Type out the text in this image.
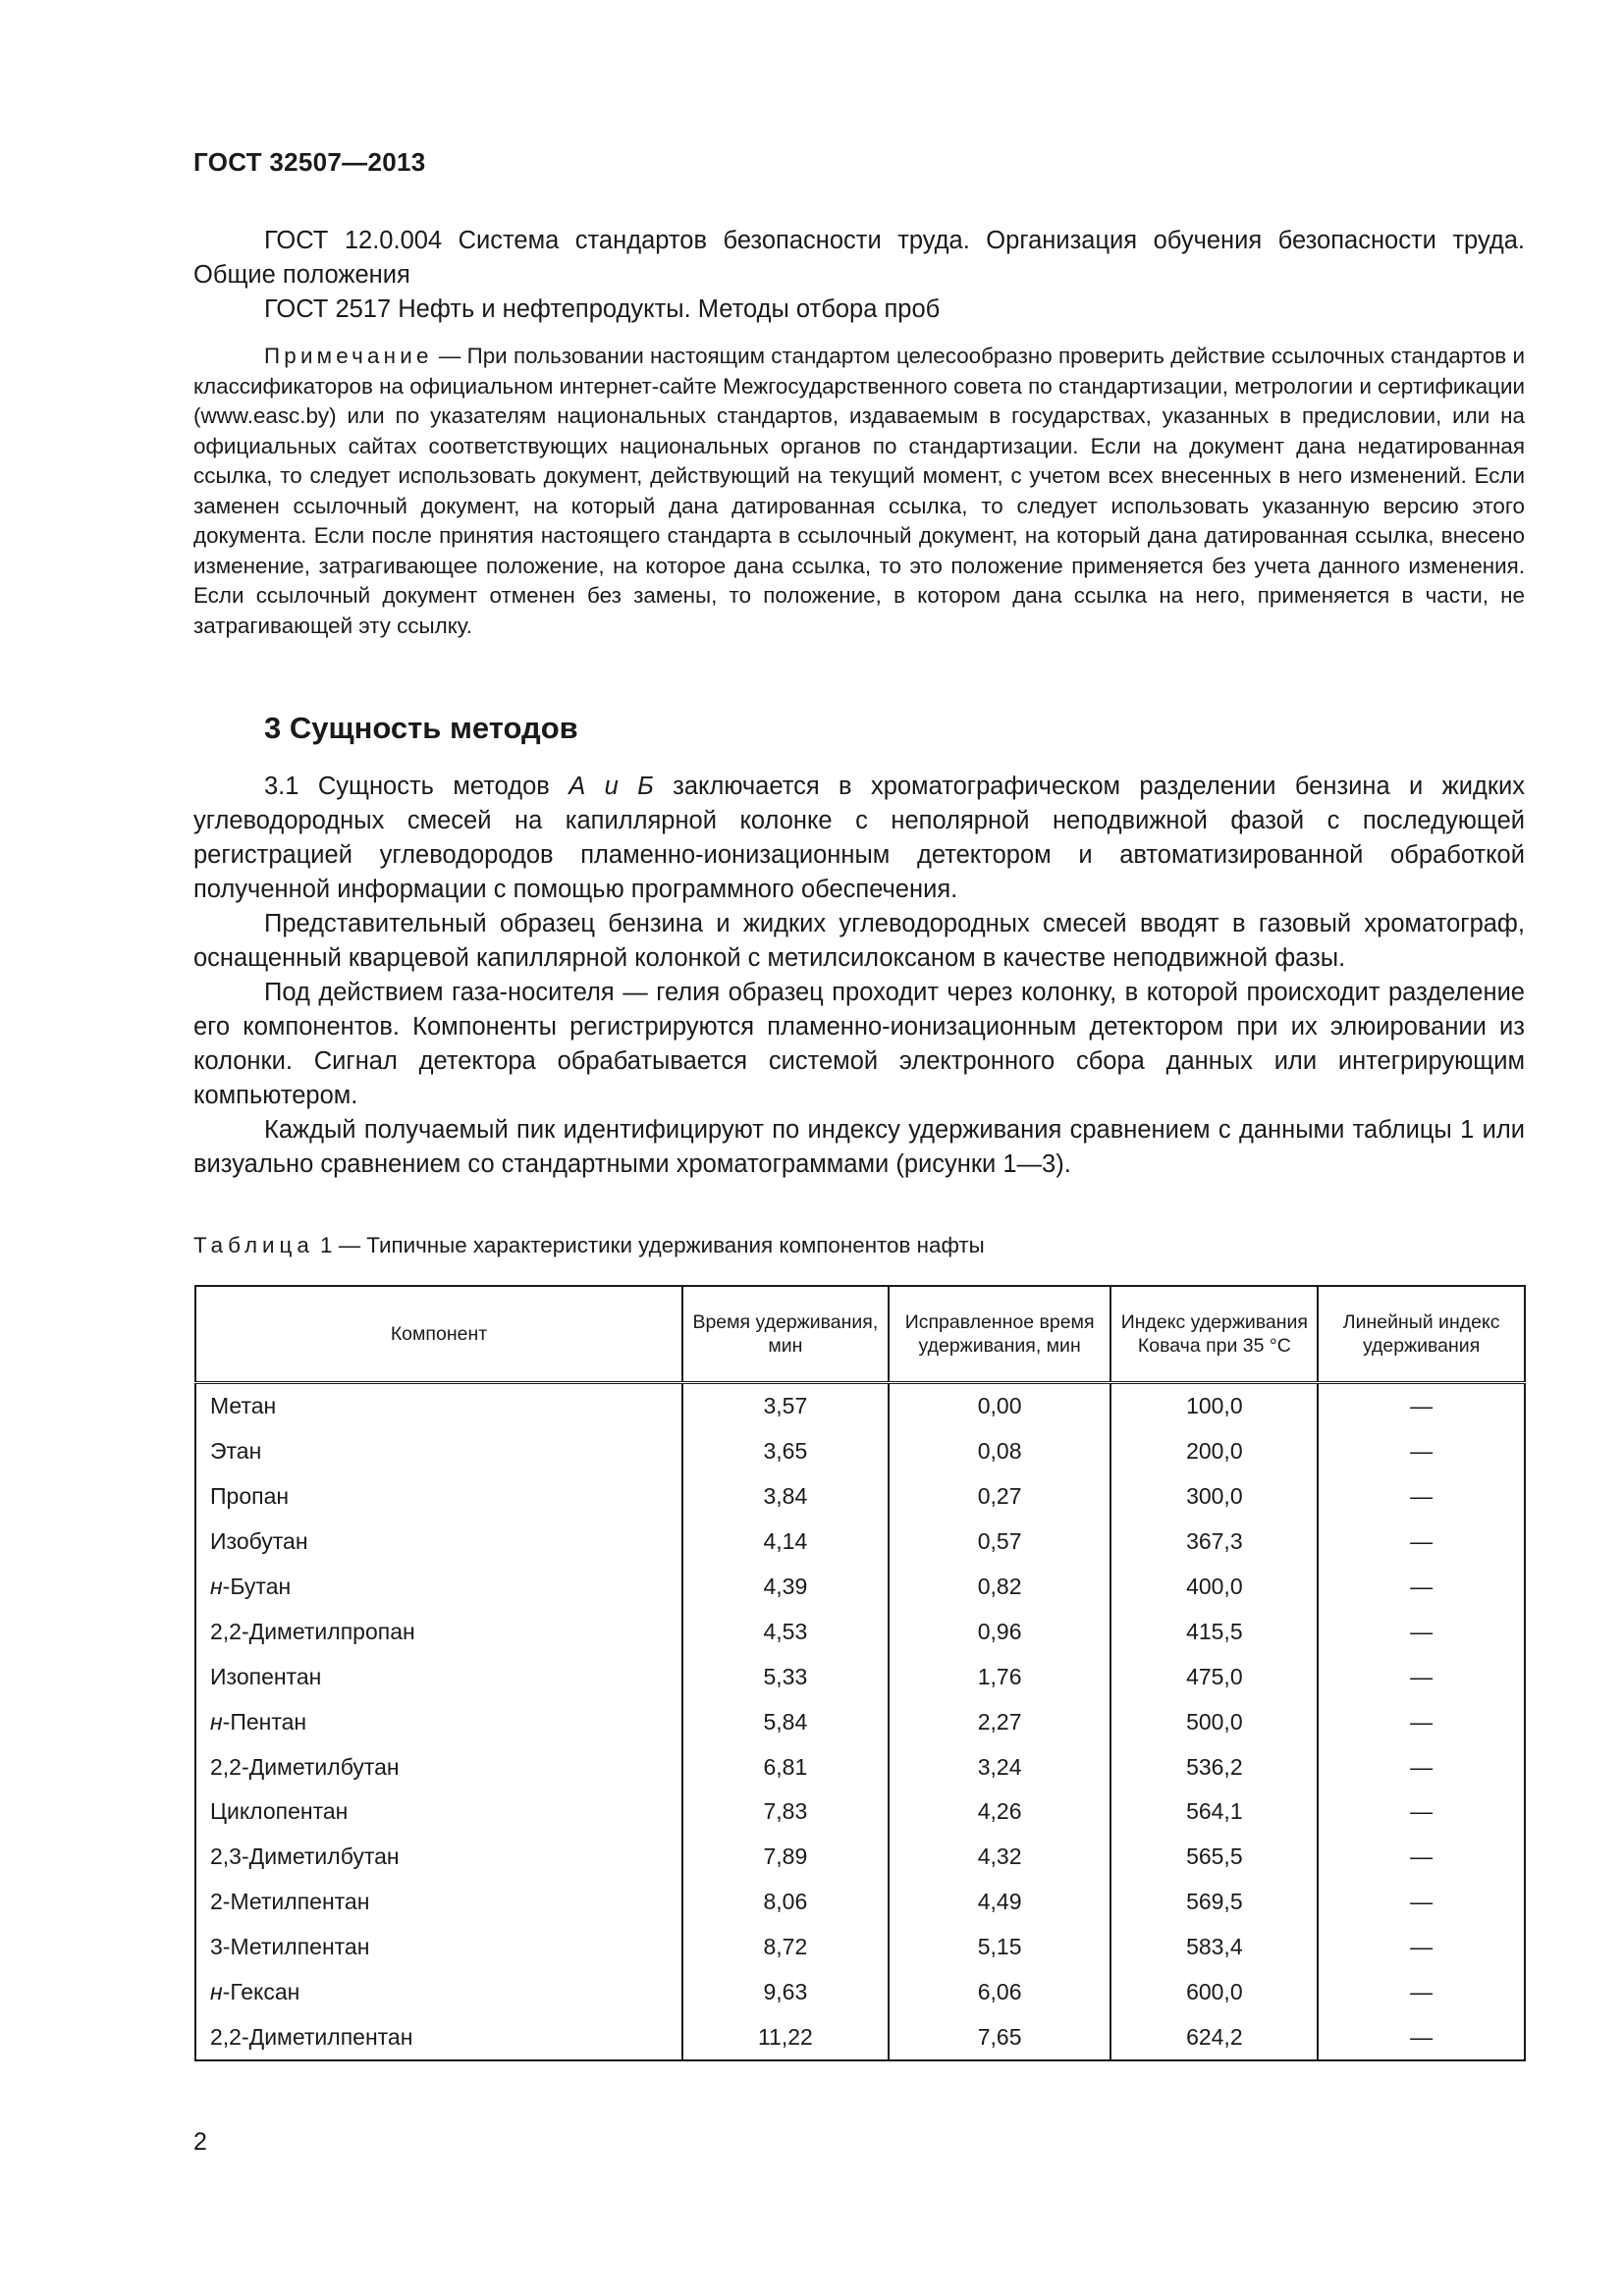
ГОСТ 32507—2013

ГОСТ 12.0.004 Система стандартов безопасности труда. Организация обучения безопасности труда. Общие положения

ГОСТ 2517 Нефть и нефтепродукты. Методы отбора проб

Примечание — При пользовании настоящим стандартом целесообразно проверить действие ссылочных стандартов и классификаторов на официальном интернет-сайте Межгосударственного совета по стандартизации, метрологии и сертификации (www.easc.by) или по указателям национальных стандартов, издаваемым в государствах, указанных в предисловии, или на официальных сайтах соответствующих национальных органов по стандартизации. Если на документ дана недатированная ссылка, то следует использовать документ, действующий на текущий момент, с учетом всех внесенных в него изменений. Если заменен ссылочный документ, на который дана датированная ссылка, то следует использовать указанную версию этого документа. Если после принятия настоящего стандарта в ссылочный документ, на который дана датированная ссылка, внесено изменение, затрагивающее положение, на которое дана ссылка, то это положение применяется без учета данного изменения. Если ссылочный документ отменен без замены, то положение, в котором дана ссылка на него, применяется в части, не затрагивающей эту ссылку.
3 Сущность методов

3.1 Сущность методов А и Б заключается в хроматографическом разделении бензина и жидких углеводородных смесей на капиллярной колонке с неполярной неподвижной фазой с последующей регистрацией углеводородов пламенно-ионизационным детектором и автоматизированной обработкой полученной информации с помощью программного обеспечения.

Представительный образец бензина и жидких углеводородных смесей вводят в газовый хроматограф, оснащенный кварцевой капиллярной колонкой с метилсилоксаном в качестве неподвижной фазы.

Под действием газа-носителя — гелия образец проходит через колонку, в которой происходит разделение его компонентов. Компоненты регистрируются пламенно-ионизационным детектором при их элюировании из колонки. Сигнал детектора обрабатывается системой электронного сбора данных или интегрирующим компьютером.

Каждый получаемый пик идентифицируют по индексу удерживания сравнением с данными таблицы 1 или визуально сравнением со стандартными хроматограммами (рисунки 1—3).

Таблица 1 — Типичные характеристики удерживания компонентов нафты
Компонент	Время удерживания, мин	Исправленное время удерживания, мин	Индекс удерживания Ковача при 35 °C	Линейный индекс удерживания
Метан	3,57	0,00	100,0	—
Этан	3,65	0,08	200,0	—
Пропан	3,84	0,27	300,0	—
Изобутан	4,14	0,57	367,3	—
н-Бутан	4,39	0,82	400,0	—
2,2-Диметилпропан	4,53	0,96	415,5	—
Изопентан	5,33	1,76	475,0	—
н-Пентан	5,84	2,27	500,0	—
2,2-Диметилбутан	6,81	3,24	536,2	—
Циклопентан	7,83	4,26	564,1	—
2,3-Диметилбутан	7,89	4,32	565,5	—
2-Метилпентан	8,06	4,49	569,5	—
3-Метилпентан	8,72	5,15	583,4	—
н-Гексан	9,63	6,06	600,0	—
2,2-Диметилпентан	11,22	7,65	624,2	—
2
